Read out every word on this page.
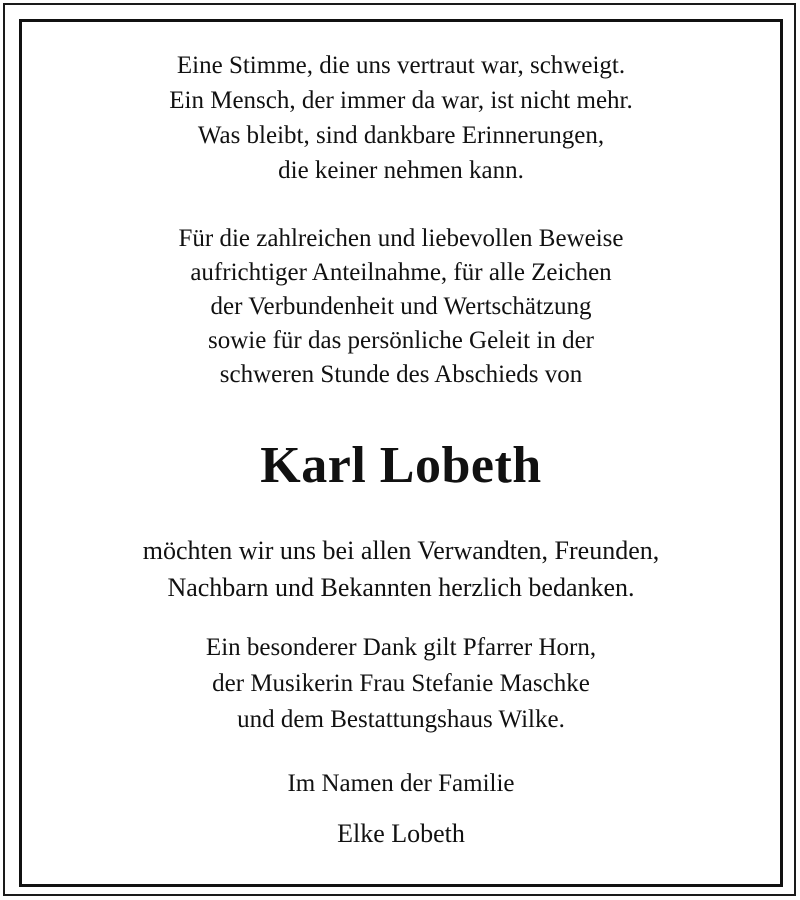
Eine Stimme, die uns vertraut war, schweigt.
Ein Mensch, der immer da war, ist nicht mehr.
Was bleibt, sind dankbare Erinnerungen,
die keiner nehmen kann.
Für die zahlreichen und liebevollen Beweise
aufrichtiger Anteilnahme, für alle Zeichen
der Verbundenheit und Wertschätzung
sowie für das persönliche Geleit in der
schweren Stunde des Abschieds von
Karl Lobeth
möchten wir uns bei allen Verwandten, Freunden,
Nachbarn und Bekannten herzlich bedanken.
Ein besonderer Dank gilt Pfarrer Horn,
der Musikerin Frau Stefanie Maschke
und dem Bestattungshaus Wilke.
Im Namen der Familie
Elke Lobeth
